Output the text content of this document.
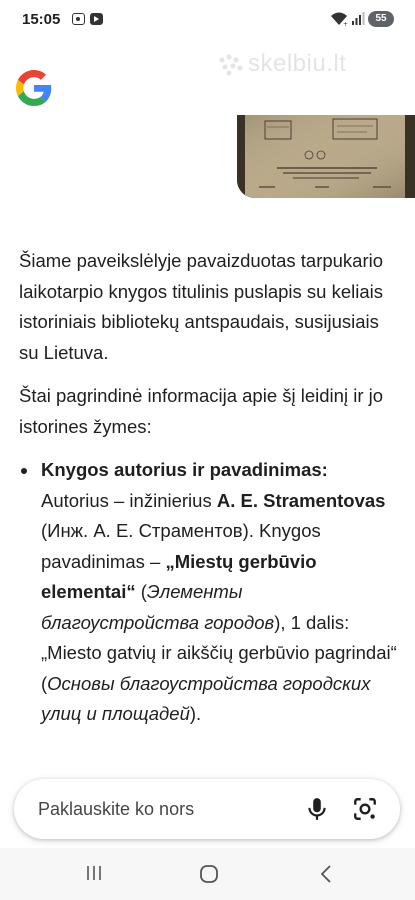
15:05	+
55
skelbiu.lt

Šiame paveikslėlyje pavaizduotas tarpukario laikotarpio knygos titulinis puslapis su keliais istoriniais bibliotekų antspaudais, susijusiais su Lietuva.

Štai pagrindinė informacija apie šį leidinį ir jo istorines žymes:

Knygos autorius ir pavadinimas:
Autorius – inžinierius A. E. Stramentovas (Инж. А. Е. Страментов). Knygos pavadinimas – „Miestų gerbūvio elementai“ (Элементы благоустройства городов), 1 dalis: „Miesto gatvių ir aikščių gerbūvio pagrindai“ (Основы благоустройства городских улиц и площадей).
Paklauskite ko nors
